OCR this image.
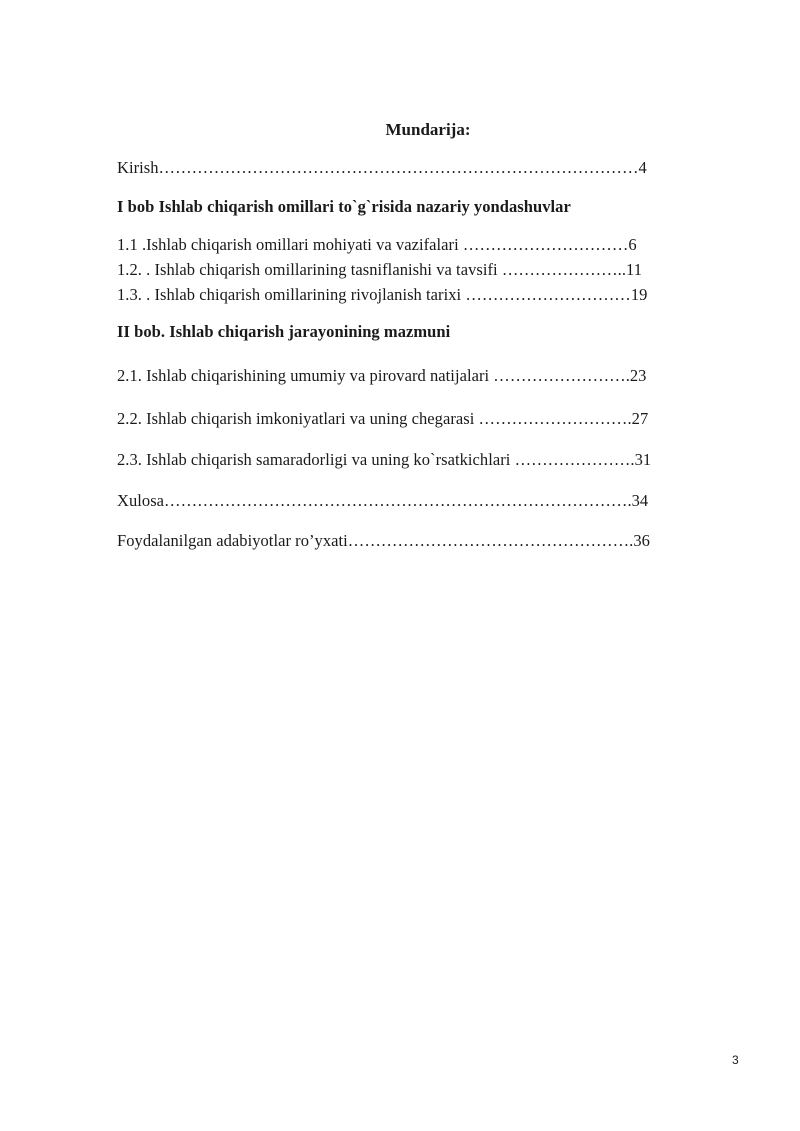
Mundarija:
Kirish……………………………………………………………………………4
I bob Ishlab chiqarish omillari to`g`risida nazariy yondashuvlar
1.1 .Ishlab chiqarish omillari mohiyati va vazifalari …………………………6
1.2. . Ishlab chiqarish omillarining tasniflanishi va tavsifi …………………..11
1.3. . Ishlab chiqarish omillarining rivojlanish tarixi …………………………19
II bob. Ishlab chiqarish jarayonining mazmuni
2.1. Ishlab chiqarishining umumiy va pirovard natijalari …………………….23
2.2. Ishlab chiqarish imkoniyatlari va uning chegarasi ……………………….27
2.3. Ishlab chiqarish samaradorligi va uning ko`rsatkichlari ………………….31
Xulosa………………………………………………………………………….34
Foydalanilgan adabiyotlar ro’yxati…………………………………………….36
3
